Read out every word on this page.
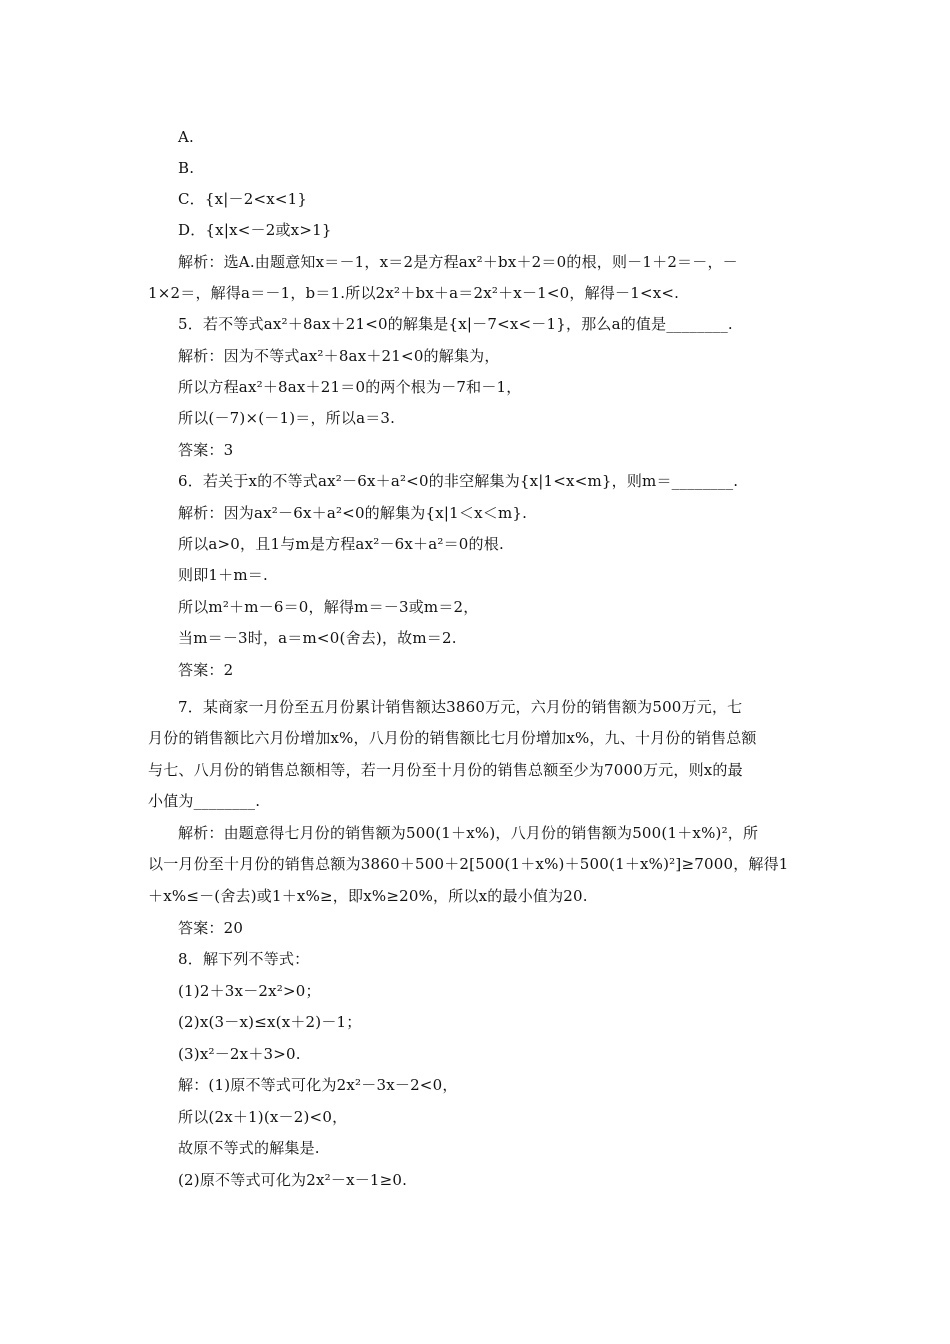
A.
B.
C．{x|－2<x<1}
D．{x|x<－2或x>1}
解析：选A.由题意知x＝－1，x＝2是方程ax²＋bx＋2＝0的根，则－1＋2＝－，－
1×2＝，解得a＝－1，b＝1.所以2x²＋bx＋a＝2x²＋x－1<0，解得－1<x<.
5．若不等式ax²＋8ax＋21<0的解集是{x|－7<x<－1}，那么a的值是________.
解析：因为不等式ax²＋8ax＋21<0的解集为，
所以方程ax²＋8ax＋21＝0的两个根为－7和－1，
所以(－7)×(－1)＝，所以a＝3.
答案：3
6．若关于x的不等式ax²－6x＋a²<0的非空解集为{x|1<x<m}，则m＝________.
解析：因为ax²－6x＋a²<0的解集为{x|1＜x＜m}.
所以a>0，且1与m是方程ax²－6x＋a²＝0的根.
则即1＋m＝.
所以m²＋m－6＝0，解得m＝－3或m＝2，
当m＝－3时，a＝m<0(舍去)，故m＝2.
答案：2
7．某商家一月份至五月份累计销售额达3860万元，六月份的销售额为500万元，七
月份的销售额比六月份增加x%，八月份的销售额比七月份增加x%，九、十月份的销售总额
与七、八月份的销售总额相等，若一月份至十月份的销售总额至少为7000万元，则x的最
小值为________.
解析：由题意得七月份的销售额为500(1＋x%)，八月份的销售额为500(1＋x%)²，所
以一月份至十月份的销售总额为3860＋500＋2[500(1＋x%)＋500(1＋x%)²]≥7000，解得1
＋x%≤－(舍去)或1＋x%≥，即x%≥20%，所以x的最小值为20.
答案：20
8．解下列不等式：
(1)2＋3x－2x²>0；
(2)x(3－x)≤x(x＋2)－1；
(3)x²－2x＋3>0.
解：(1)原不等式可化为2x²－3x－2<0，
所以(2x＋1)(x－2)<0，
故原不等式的解集是.
(2)原不等式可化为2x²－x－1≥0.
